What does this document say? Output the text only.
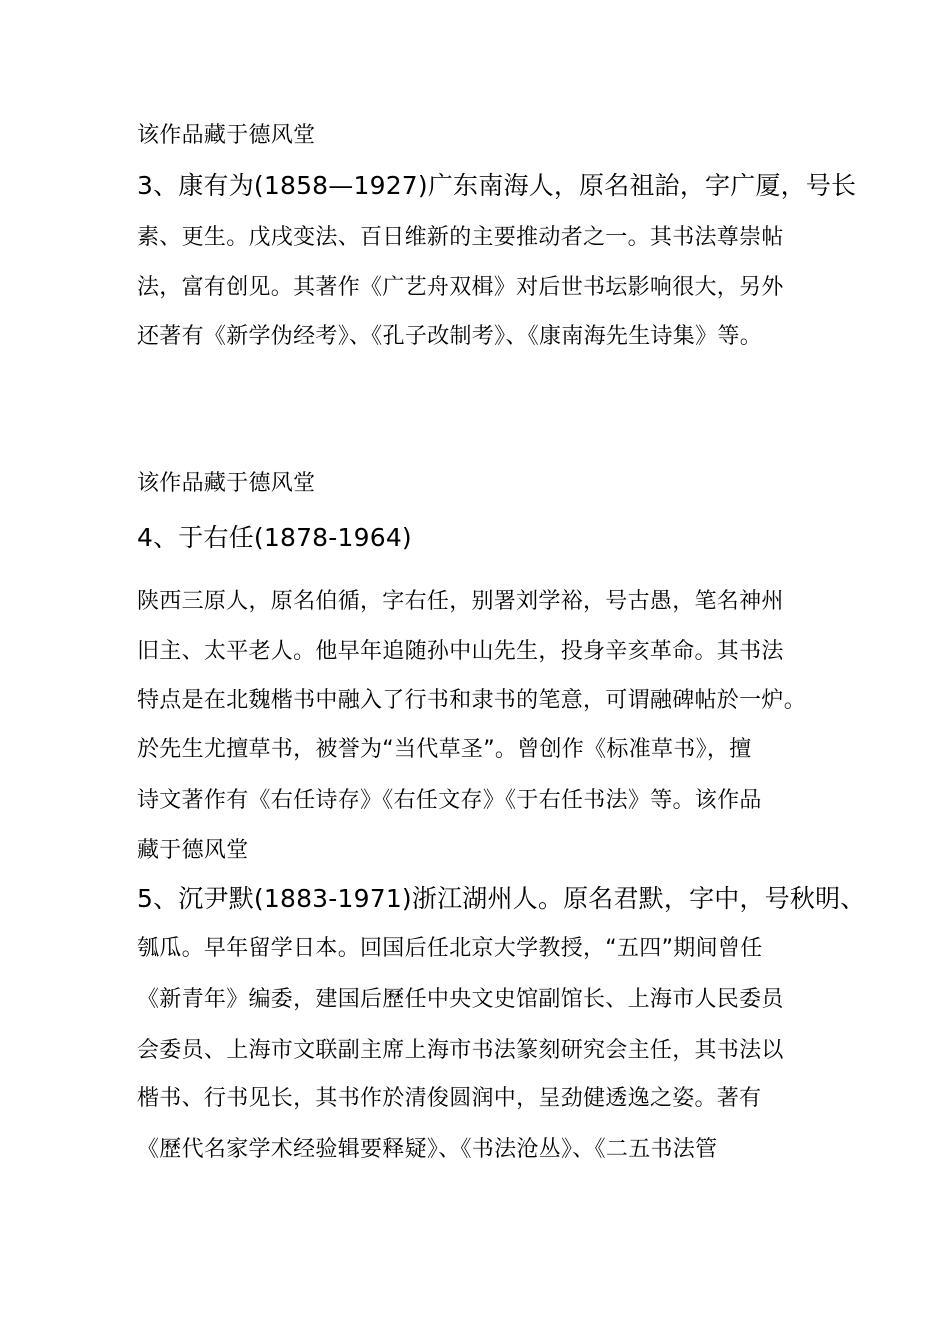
该作品藏于德风堂
3、康有为(1858—1927)广东南海人，原名祖詒，字广厦，号长
素、更生。戊戌变法、百日维新的主要推动者之一。其书法尊崇帖
法，富有创见。其著作《广艺舟双楫》对后世书坛影响很大，另外
还著有《新学伪经考》、《孔子改制考》、《康南海先生诗集》等。
该作品藏于德风堂
4、于右任(1878-1964)
陕西三原人，原名伯循，字右任，别署刘学裕，号古愚，笔名神州
旧主、太平老人。他早年追随孙中山先生，投身辛亥革命。其书法
特点是在北魏楷书中融入了行书和隶书的笔意，可谓融碑帖於一炉。
於先生尤擅草书，被誉为“当代草圣”。曾创作《标准草书》，擅
诗文著作有《右任诗存》《右任文存》《于右任书法》等。该作品
藏于德风堂
5、沉尹默(1883-1971)浙江湖州人。原名君默，字中，号秋明、
瓠瓜。早年留学日本。回国后任北京大学教授，“五四”期间曾任
《新青年》编委，建国后歷任中央文史馆副馆长、上海市人民委员
会委员、上海市文联副主席上海市书法篆刻研究会主任，其书法以
楷书、行书见长，其书作於清俊圆润中，呈劲健透逸之姿。著有
《歷代名家学术经验辑要释疑》、《书法沧丛》、《二五书法管
